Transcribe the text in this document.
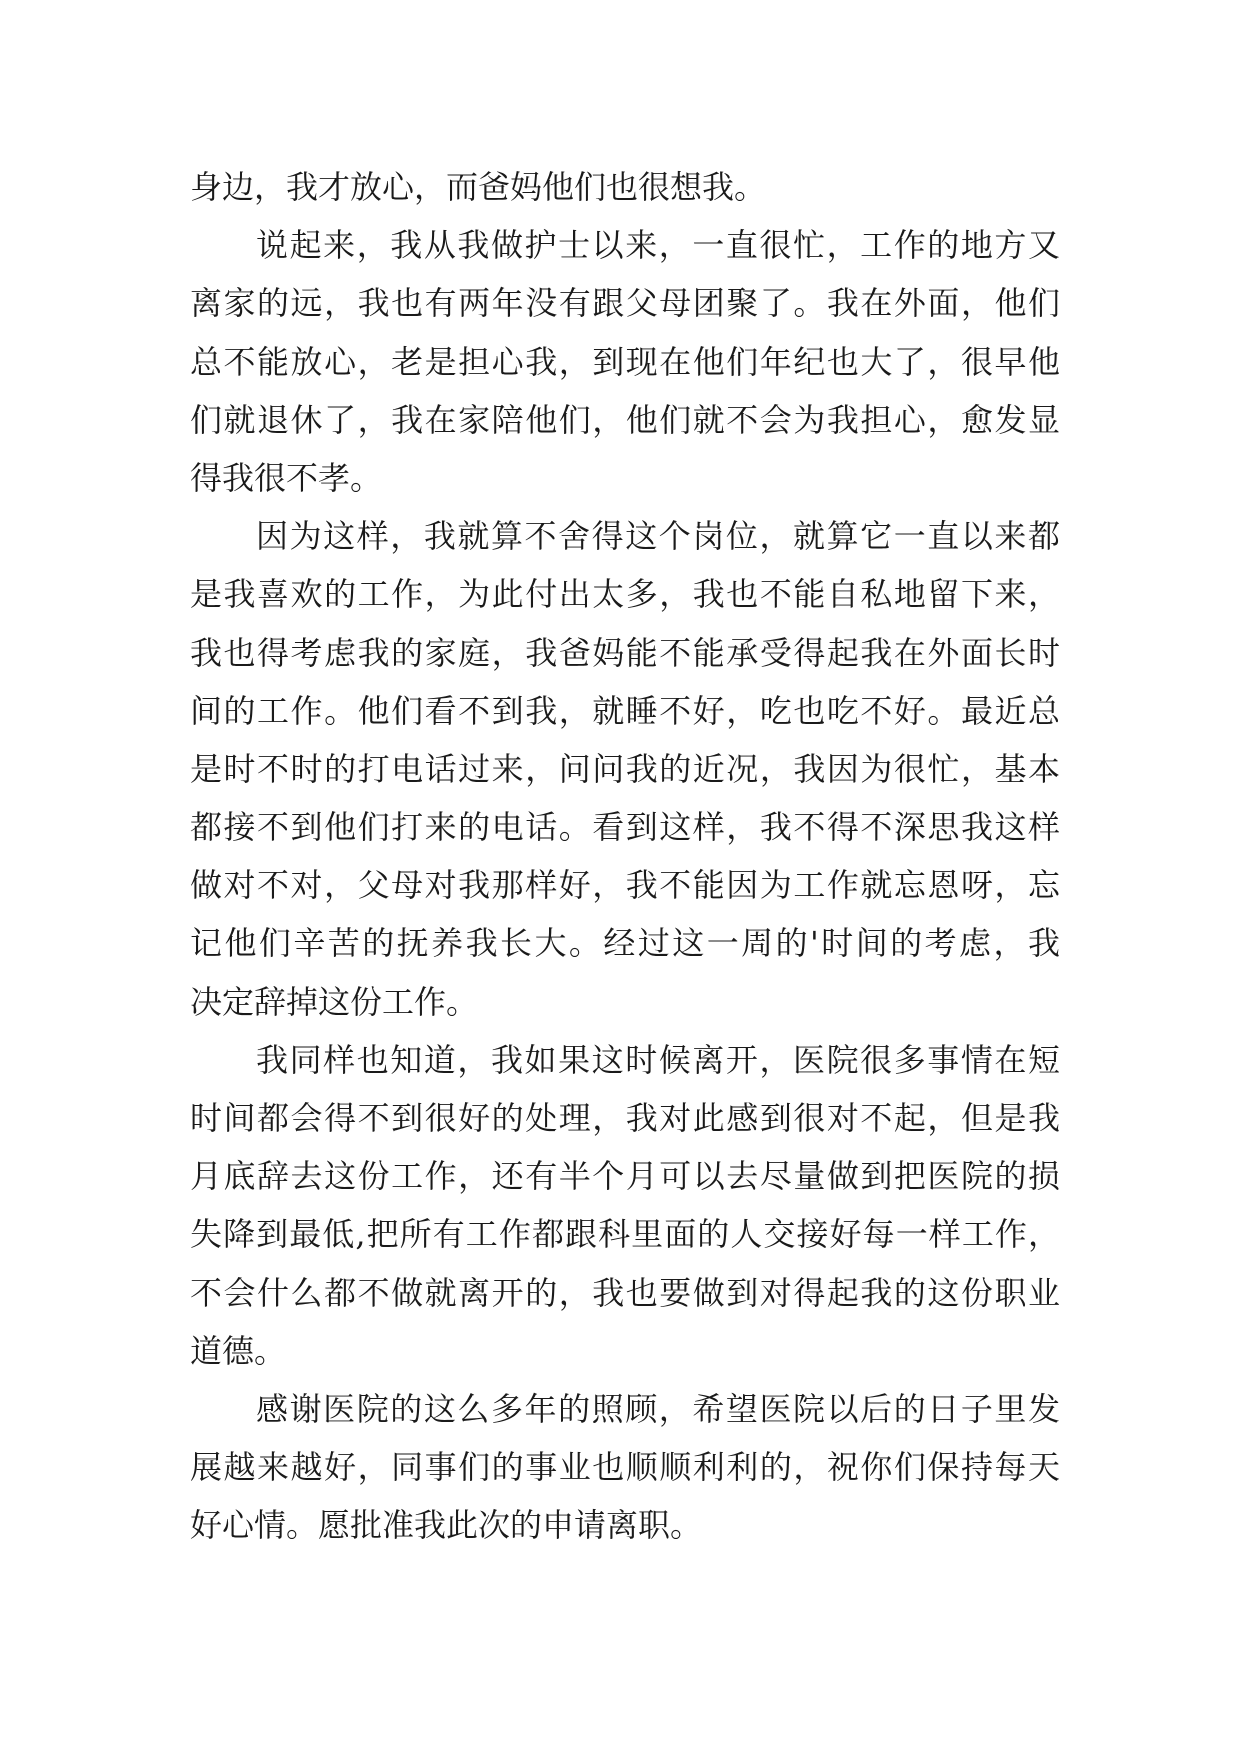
身边，我才放心，而爸妈他们也很想我。
说起来，我从我做护士以来，一直很忙，工作的地方又
离家的远，我也有两年没有跟父母团聚了。我在外面，他们
总不能放心，老是担心我，到现在他们年纪也大了，很早他
们就退休了，我在家陪他们，他们就不会为我担心，愈发显
得我很不孝。
因为这样，我就算不舍得这个岗位，就算它一直以来都
是我喜欢的工作，为此付出太多，我也不能自私地留下来，
我也得考虑我的家庭，我爸妈能不能承受得起我在外面长时
间的工作。他们看不到我，就睡不好，吃也吃不好。最近总
是时不时的打电话过来，问问我的近况，我因为很忙，基本
都接不到他们打来的电话。看到这样，我不得不深思我这样
做对不对，父母对我那样好，我不能因为工作就忘恩呀，忘
记他们辛苦的抚养我长大。经过这一周的'时间的考虑，我
决定辞掉这份工作。
我同样也知道，我如果这时候离开，医院很多事情在短
时间都会得不到很好的处理，我对此感到很对不起，但是我
月底辞去这份工作，还有半个月可以去尽量做到把医院的损
失降到最低,把所有工作都跟科里面的人交接好每一样工作，
不会什么都不做就离开的，我也要做到对得起我的这份职业
道德。
感谢医院的这么多年的照顾，希望医院以后的日子里发
展越来越好，同事们的事业也顺顺利利的，祝你们保持每天
好心情。愿批准我此次的申请离职。
